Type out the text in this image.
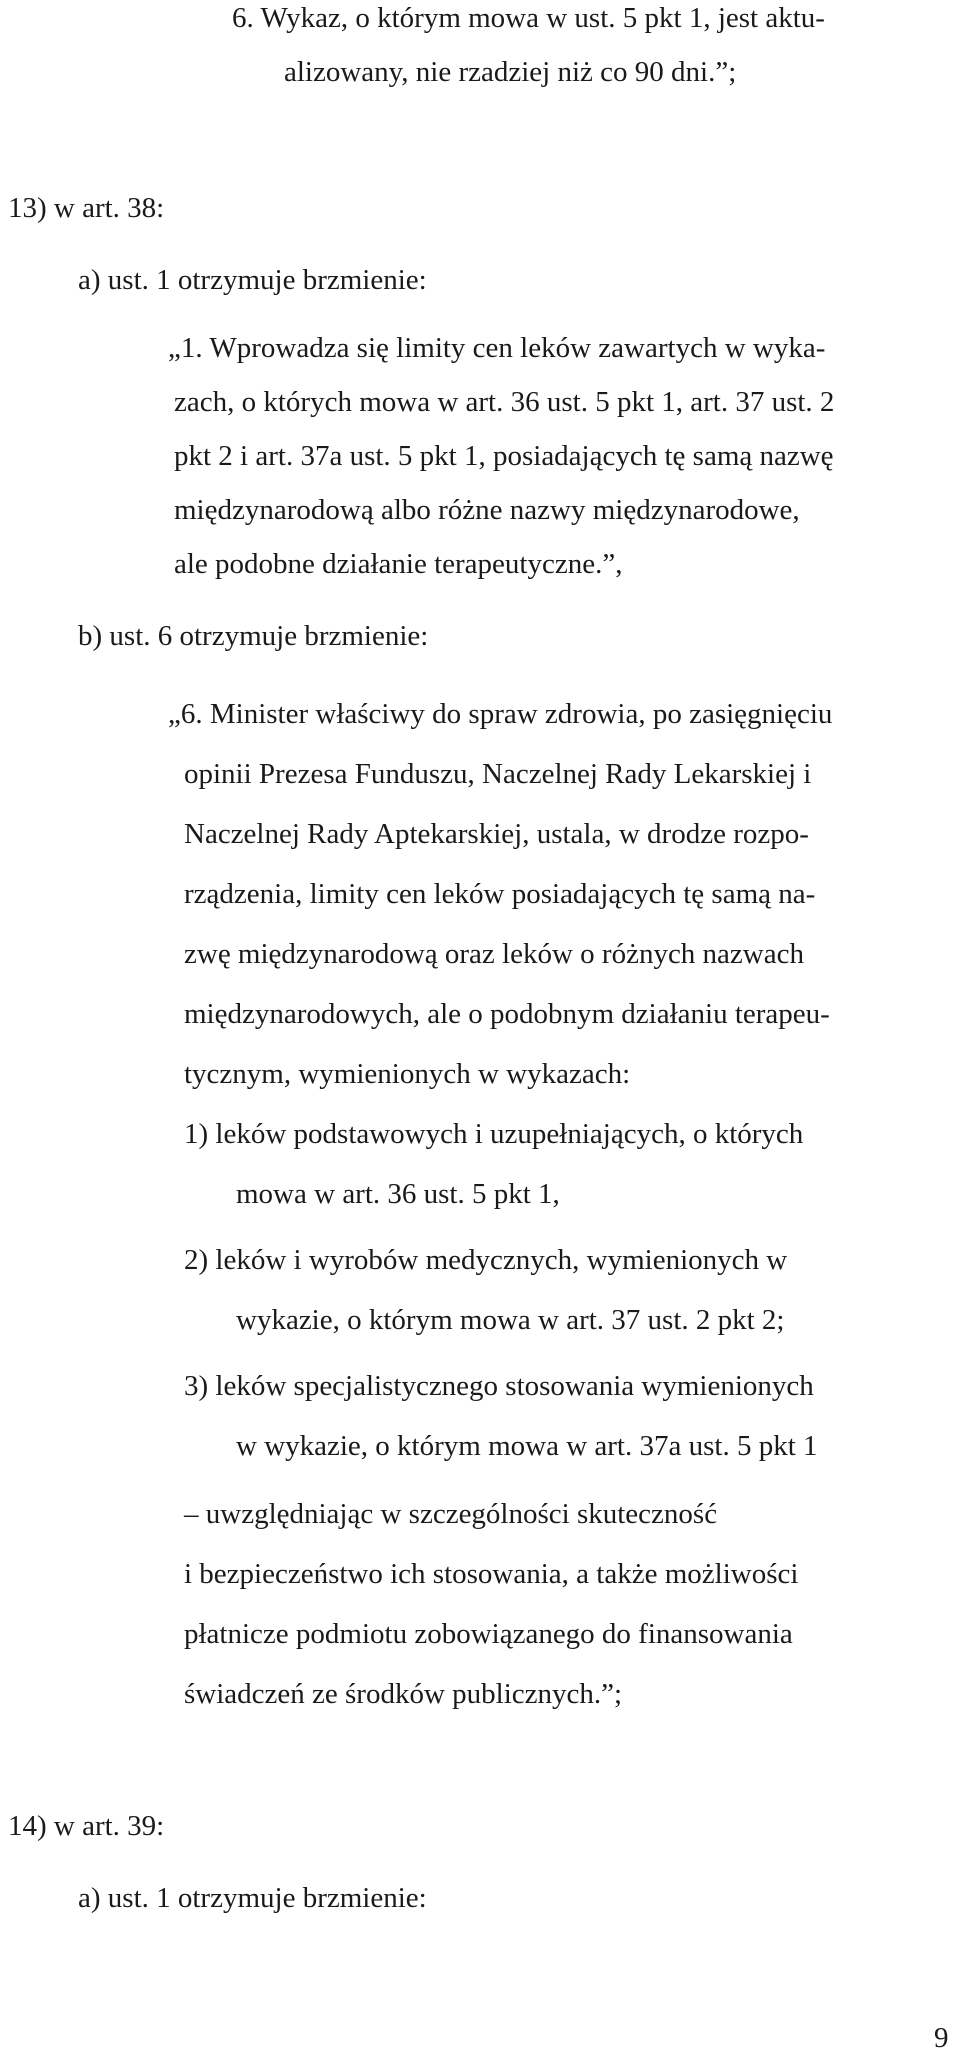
6. Wykaz, o którym mowa w ust. 5 pkt 1, jest aktu-
alizowany, nie rzadziej niż co 90 dni.”;
13) w art. 38:
a) ust. 1 otrzymuje brzmienie:
„1. Wprowadza się limity cen leków zawartych w wyka-
zach, o których mowa w art. 36 ust. 5 pkt 1, art. 37 ust. 2
pkt 2 i art. 37a ust. 5 pkt 1, posiadających tę samą nazwę
międzynarodową albo różne nazwy międzynarodowe,
ale podobne działanie terapeutyczne.”,
b) ust. 6 otrzymuje brzmienie:
„6. Minister właściwy do spraw zdrowia, po zasięgnięciu
opinii Prezesa Funduszu, Naczelnej Rady Lekarskiej i
Naczelnej Rady Aptekarskiej, ustala, w drodze rozpo-
rządzenia, limity cen leków posiadających tę samą na-
zwę międzynarodową oraz leków o różnych nazwach
międzynarodowych, ale o podobnym działaniu terapeu-
tycznym, wymienionych w wykazach:
1) leków podstawowych i uzupełniających, o których
mowa w art. 36 ust. 5 pkt 1,
2) leków i wyrobów medycznych, wymienionych w
wykazie, o którym mowa w art. 37 ust. 2 pkt 2;
3) leków specjalistycznego stosowania wymienionych
w wykazie, o którym mowa w art. 37a ust. 5 pkt 1
– uwzględniając w szczególności skuteczność
i bezpieczeństwo ich stosowania, a także możliwości
płatnicze podmiotu zobowiązanego do finansowania
świadczeń ze środków publicznych.”;
14) w art. 39:
a) ust. 1 otrzymuje brzmienie:
9
